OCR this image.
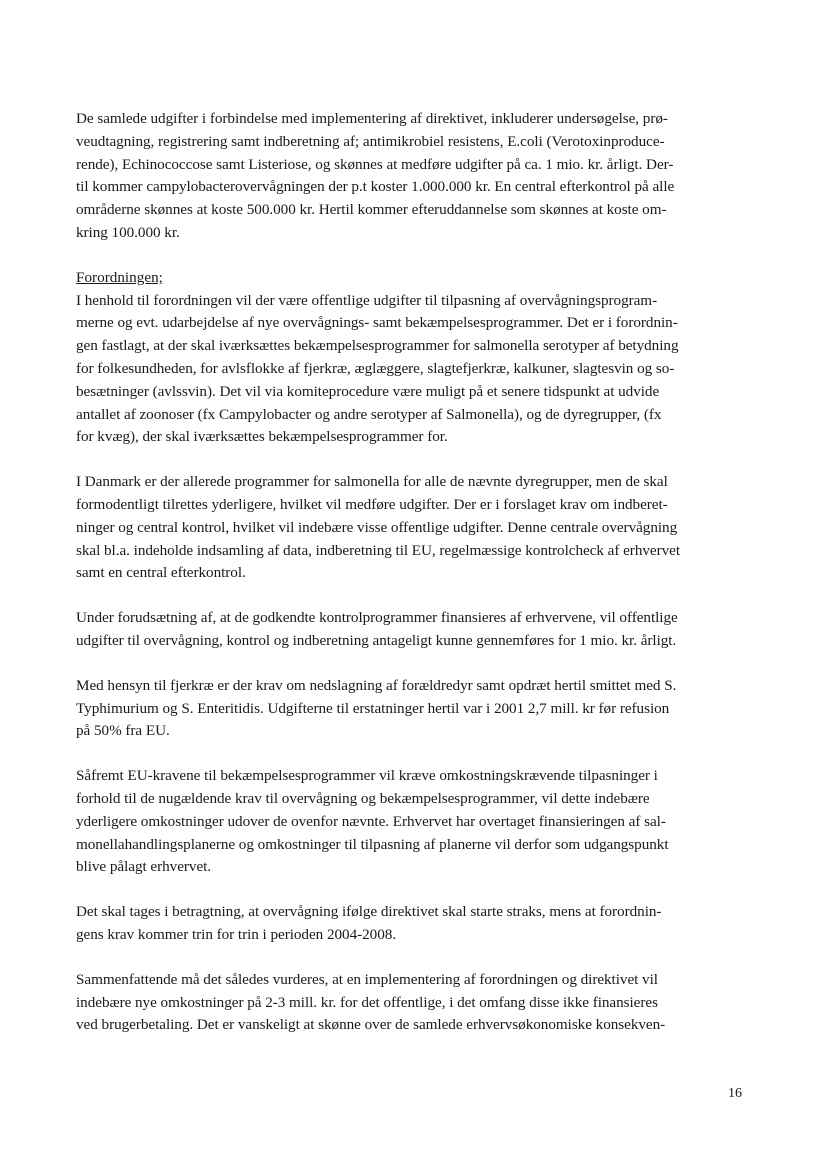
De samlede udgifter i forbindelse med implementering af direktivet, inkluderer undersøgelse, prø-
veudtagning, registrering samt indberetning af; antimikrobiel resistens, E.coli (Verotoxinproduce-
rende), Echinococcose samt Listeriose, og skønnes at medføre udgifter på ca. 1 mio. kr. årligt. Der-
til kommer campylobacterovervågningen der p.t koster 1.000.000 kr. En central efterkontrol på alle
områderne skønnes at koste 500.000 kr. Hertil kommer efteruddannelse som skønnes at koste om-
kring 100.000 kr.

Forordningen;

I henhold til forordningen vil der være offentlige udgifter til tilpasning af overvågningsprogram-
merne og evt. udarbejdelse af nye overvågnings- samt bekæmpelsesprogrammer. Det er i forordnin-
gen fastlagt, at der skal iværksættes bekæmpelsesprogrammer for salmonella serotyper af betydning
for folkesundheden, for avlsflokke af fjerkræ, æglæggere, slagtefjerkræ, kalkuner, slagtesvin og so-
besætninger (avlssvin). Det vil via komiteprocedure være muligt på et senere tidspunkt at udvide
antallet af zoonoser (fx Campylobacter og andre serotyper af Salmonella), og de dyregrupper, (fx
for kvæg), der skal iværksættes bekæmpelsesprogrammer for.

I Danmark er der allerede programmer for salmonella for alle de nævnte dyregrupper, men de skal
formodentligt tilrettes yderligere, hvilket vil medføre udgifter. Der er i forslaget krav om indberet-
ninger og central kontrol, hvilket vil indebære visse offentlige udgifter. Denne centrale overvågning
skal bl.a. indeholde indsamling af data, indberetning til EU, regelmæssige kontrolcheck af erhvervet
samt en central efterkontrol.

Under forudsætning af, at de godkendte kontrolprogrammer finansieres af erhvervene, vil offentlige
udgifter til overvågning, kontrol og indberetning antageligt kunne gennemføres for 1 mio. kr. årligt.

Med hensyn til fjerkræ er der krav om nedslagning af forældredyr samt opdræt hertil smittet med S.
Typhimurium og S. Enteritidis. Udgifterne til erstatninger hertil var i 2001 2,7 mill. kr før refusion
på 50% fra EU.

Såfremt EU-kravene til bekæmpelsesprogrammer vil kræve omkostningskrævende tilpasninger i
forhold til de nugældende krav til overvågning og bekæmpelsesprogrammer, vil dette indebære
yderligere omkostninger udover de ovenfor nævnte. Erhvervet har overtaget finansieringen af sal-
monellahandlingsplanerne og omkostninger til tilpasning af planerne vil derfor som udgangspunkt
blive pålagt erhvervet.

Det skal tages i betragtning, at overvågning ifølge direktivet skal starte straks, mens at forordnin-
gens krav kommer trin for trin i perioden 2004-2008.

Sammenfattende må det således vurderes, at en implementering af forordningen og direktivet vil
indebære nye omkostninger på 2-3 mill. kr. for det offentlige, i det omfang disse ikke finansieres
ved brugerbetaling. Det er vanskeligt at skønne over de samlede erhvervsøkonomiske konsekven-

16
